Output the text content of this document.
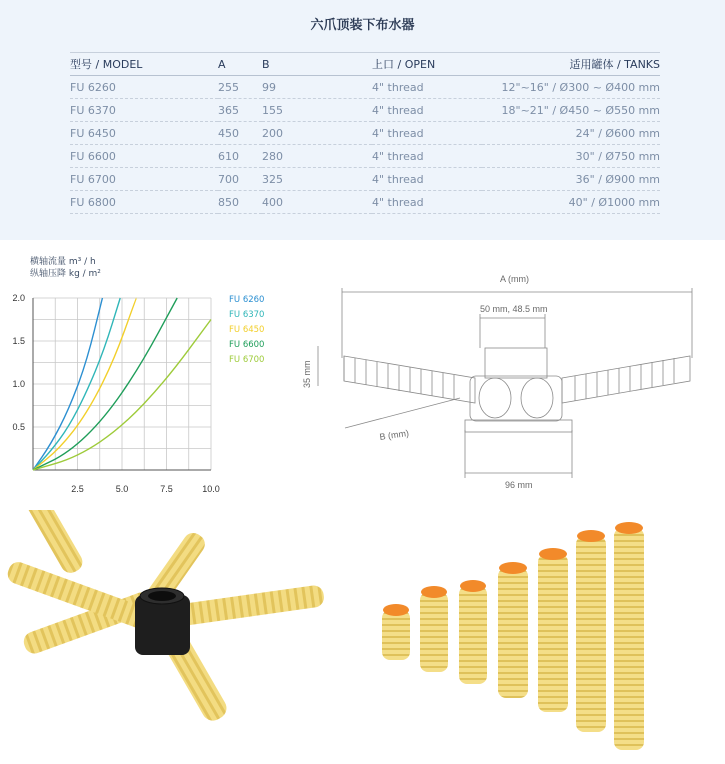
六爪顶装下布水器
型号 / MODEL	A	B	上口 / OPEN	适用罐体 / TANKS
FU 6260	255	99	4" thread	12"~16" / Ø300 ~ Ø400 mm
FU 6370	365	155	4" thread	18"~21" / Ø450 ~ Ø550 mm
FU 6450	450	200	4" thread	24" / Ø600 mm
FU 6600	610	280	4" thread	30" / Ø750 mm
FU 6700	700	325	4" thread	36" / Ø900 mm
FU 6800	850	400	4" thread	40" / Ø1000 mm
横轴流量 m³ / h
纵轴压降 kg / m²
0.5
1.0
1.5
2.0
2.5	5.0	7.5	10.0
FU 6260
FU 6370
FU 6450
FU 6600
FU 6700
A (mm)
50 mm, 48.5 mm
35 mm
B (mm)
96 mm
